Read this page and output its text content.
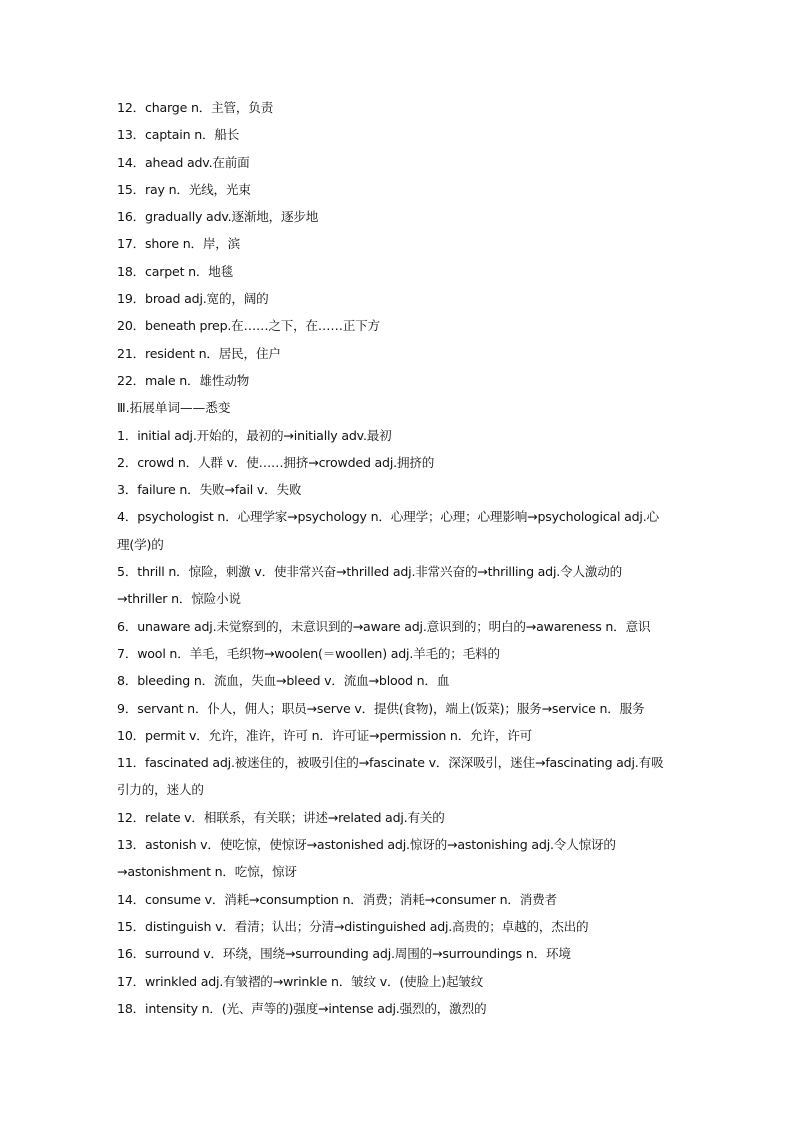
12．charge n．主管，负责
13．captain n．船长
14．ahead adv.在前面
15．ray n．光线，光束
16．gradually adv.逐渐地，逐步地
17．shore n．岸，滨
18．carpet n．地毯
19．broad adj.宽的，阔的
20．beneath prep.在……之下，在……正下方
21．resident n．居民，住户
22．male n．雄性动物
Ⅲ.拓展单词——悉变
1．initial adj.开始的，最初的→initially adv.最初
2．crowd n．人群 v．使……拥挤→crowded adj.拥挤的
3．failure n．失败→fail v．失败
4．psychologist n．心理学家→psychology n．心理学；心理；心理影响→psychological adj.心
理(学)的
5．thrill n．惊险，刺激 v．使非常兴奋→thrilled adj.非常兴奋的→thrilling adj.令人激动的
→thriller n．惊险小说
6．unaware adj.未觉察到的，未意识到的→aware adj.意识到的；明白的→awareness n．意识
7．wool n．羊毛，毛织物→woolen(＝woollen) adj.羊毛的；毛料的
8．bleeding n．流血，失血→bleed v．流血→blood n．血
9．servant n．仆人，佣人；职员→serve v．提供(食物)，端上(饭菜)；服务→service n．服务
10．permit v．允许，准许，许可 n．许可证→permission n．允许，许可
11．fascinated adj.被迷住的，被吸引住的→fascinate v．深深吸引，迷住→fascinating adj.有吸
引力的，迷人的
12．relate v．相联系，有关联；讲述→related adj.有关的
13．astonish v．使吃惊，使惊讶→astonished adj.惊讶的→astonishing adj.令人惊讶的
→astonishment n．吃惊，惊讶
14．consume v．消耗→consumption n．消费；消耗→consumer n．消费者
15．distinguish v．看清；认出；分清→distinguished adj.高贵的；卓越的，杰出的
16．surround v．环绕，围绕→surrounding adj.周围的→surroundings n．环境
17．wrinkled adj.有皱褶的→wrinkle n．皱纹 v．(使脸上)起皱纹
18．intensity n．(光、声等的)强度→intense adj.强烈的，激烈的
